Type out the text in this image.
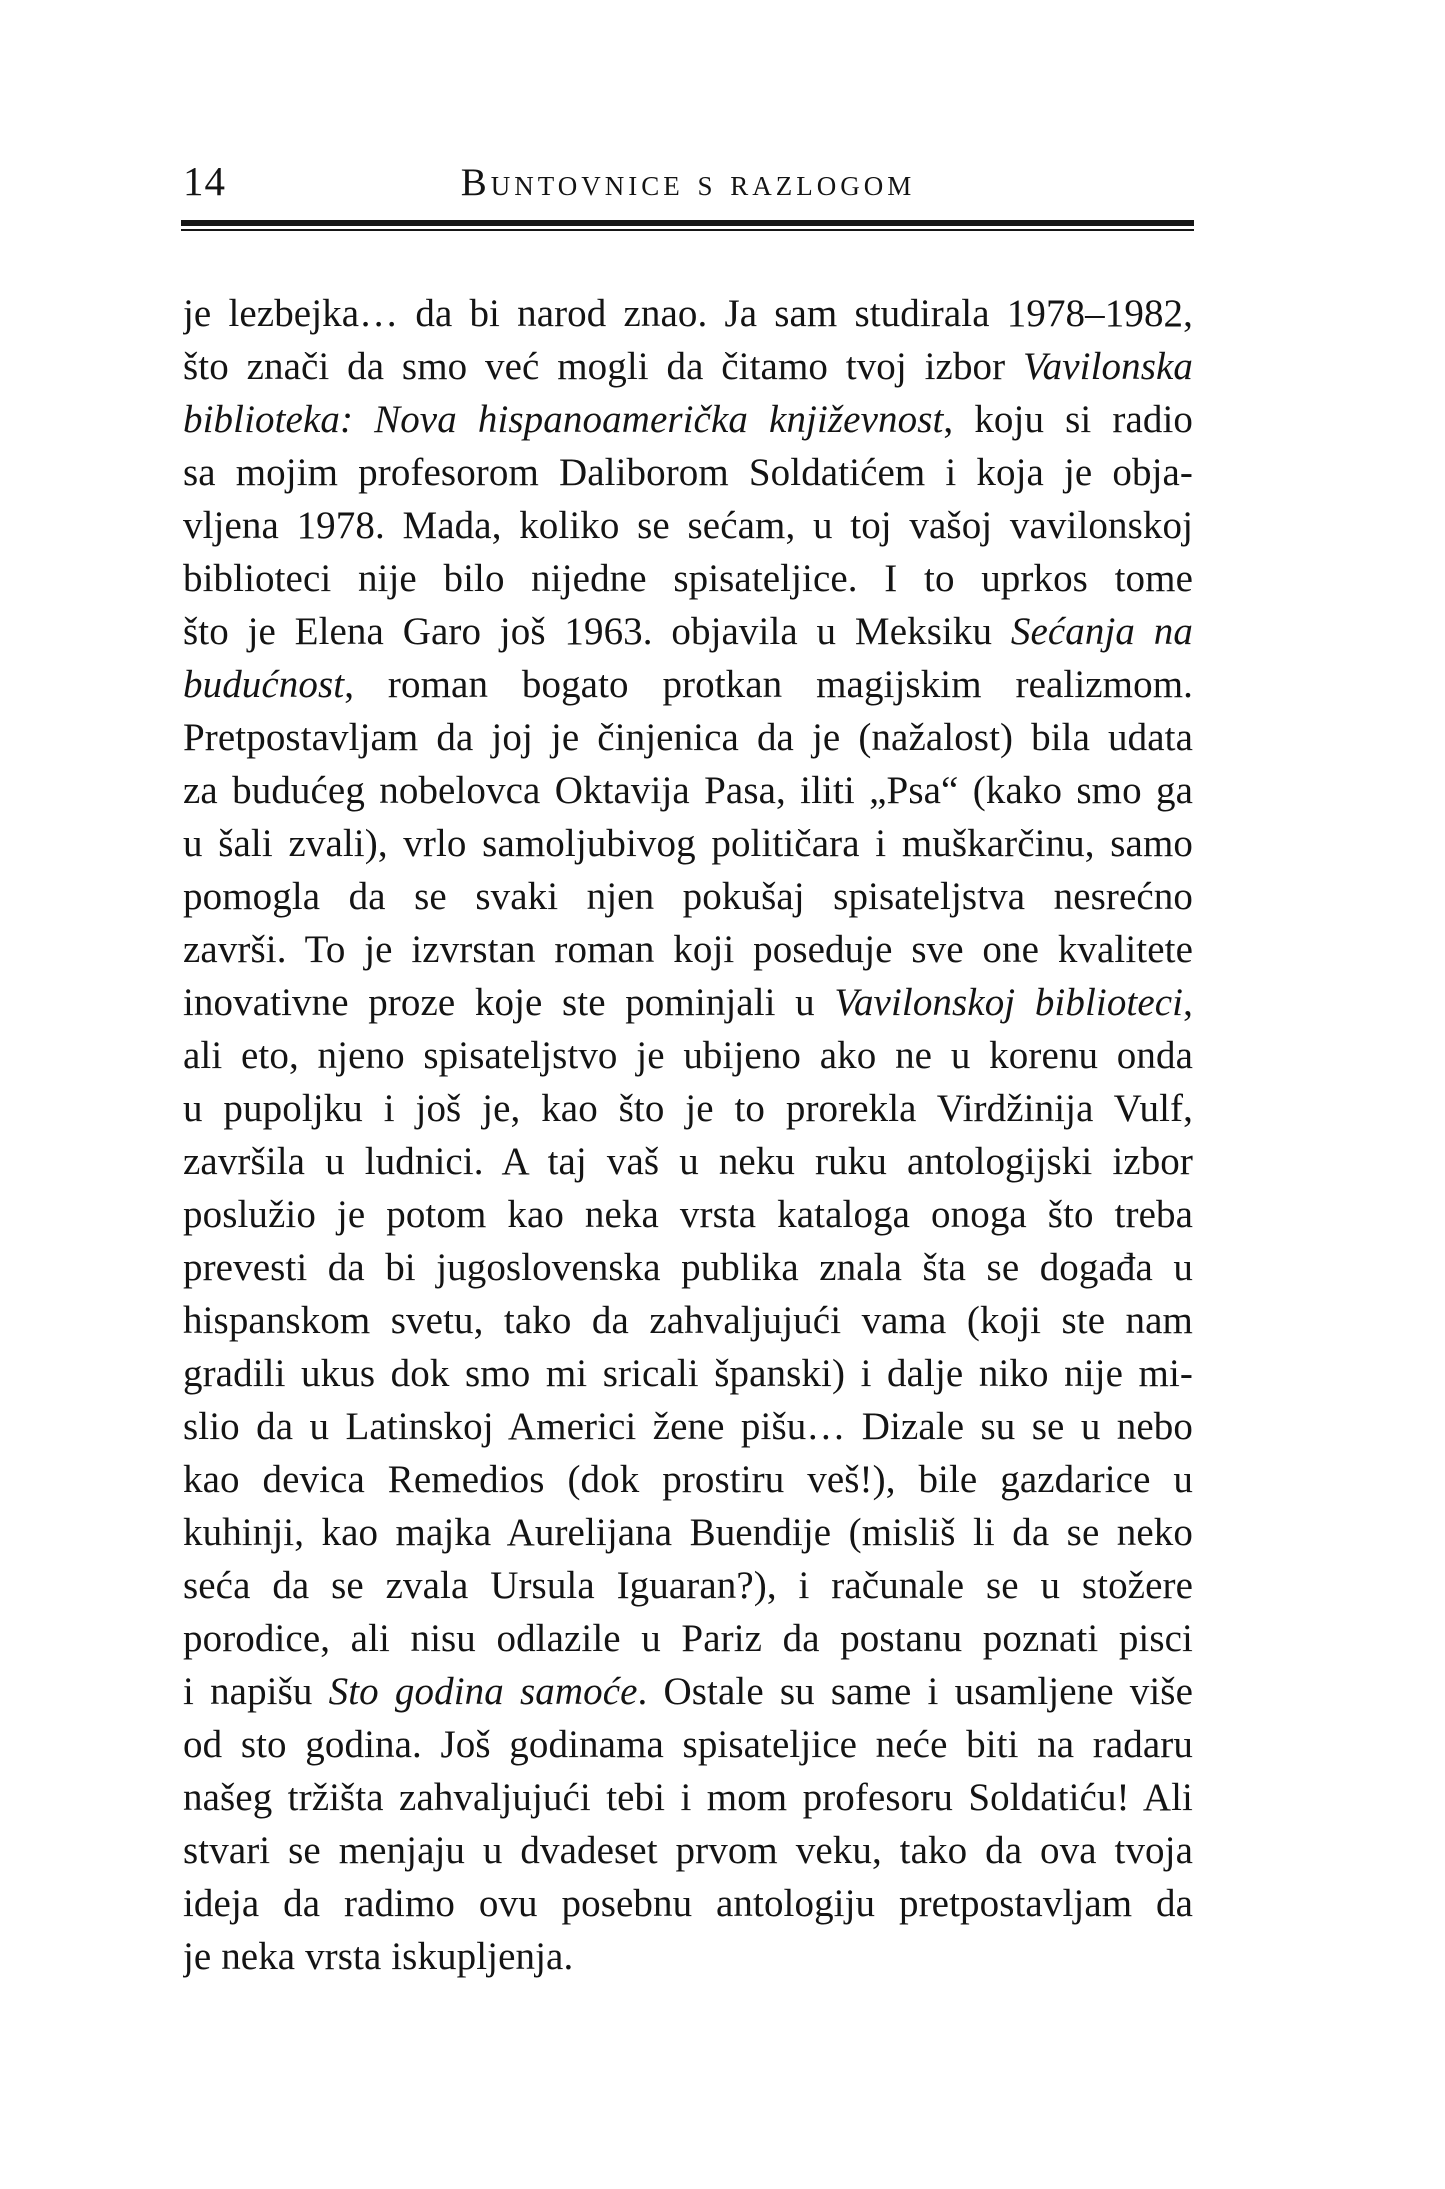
14	Buntovnice s razlogom
je lezbejka… da bi narod znao. Ja sam studirala 1978–1982,
što znači da smo već mogli da čitamo tvoj izbor Vavilonska
biblioteka: Nova hispanoamerička književnost, koju si radio
sa mojim profesorom Daliborom Soldatićem i koja je obja-
vljena 1978. Mada, koliko se sećam, u toj vašoj vavilonskoj
biblioteci nije bilo nijedne spisateljice. I to uprkos tome
što je Elena Garo još 1963. objavila u Meksiku Sećanja na
budućnost, roman bogato protkan magijskim realizmom.
Pretpostavljam da joj je činjenica da je (nažalost) bila udata
za budućeg nobelovca Oktavija Pasa, iliti „Psa“ (kako smo ga
u šali zvali), vrlo samoljubivog političara i muškarčinu, samo
pomogla da se svaki njen pokušaj spisateljstva nesrećno
završi. To je izvrstan roman koji poseduje sve one kvalitete
inovativne proze koje ste pominjali u Vavilonskoj biblioteci,
ali eto, njeno spisateljstvo je ubijeno ako ne u korenu onda
u pupoljku i još je, kao što je to prorekla Virdžinija Vulf,
završila u ludnici. A taj vaš u neku ruku antologijski izbor
poslužio je potom kao neka vrsta kataloga onoga što treba
prevesti da bi jugoslovenska publika znala šta se događa u
hispanskom svetu, tako da zahvaljujući vama (koji ste nam
gradili ukus dok smo mi sricali španski) i dalje niko nije mi-
slio da u Latinskoj Americi žene pišu… Dizale su se u nebo
kao devica Remedios (dok prostiru veš!), bile gazdarice u
kuhinji, kao majka Aurelijana Buendije (misliš li da se neko
seća da se zvala Ursula Iguaran?), i računale se u stožere
porodice, ali nisu odlazile u Pariz da postanu poznati pisci
i napišu Sto godina samoće. Ostale su same i usamljene više
od sto godina. Još godinama spisateljice neće biti na radaru
našeg tržišta zahvaljujući tebi i mom profesoru Soldatiću! Ali
stvari se menjaju u dvadeset prvom veku, tako da ova tvoja
ideja da radimo ovu posebnu antologiju pretpostavljam da
je neka vrsta iskupljenja.
